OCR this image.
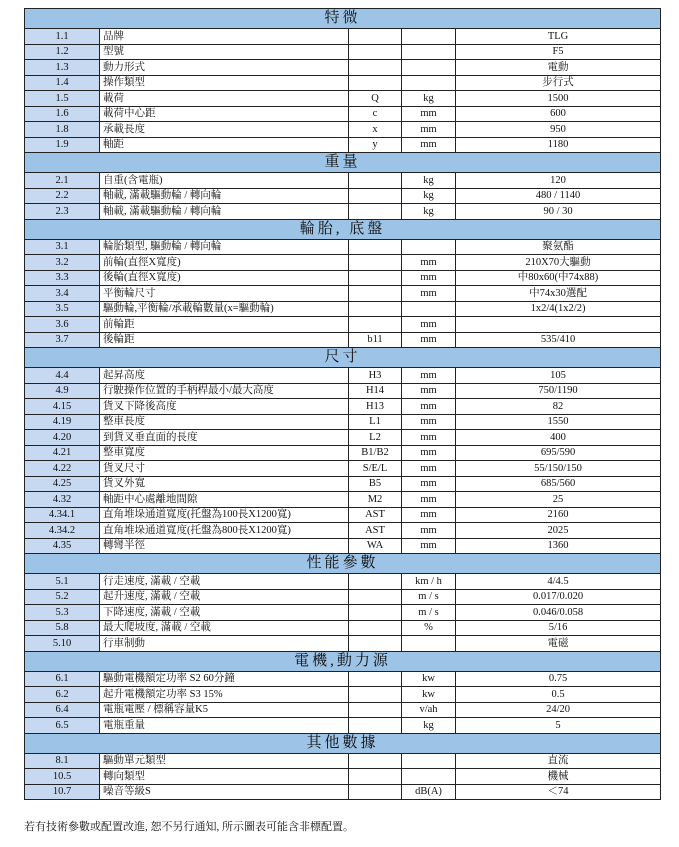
特微				
1.1	品牌			TLG
1.2	型號			F5
1.3	動力形式			電動
1.4	操作類型			步行式
1.5	載荷	Q	kg	1500
1.6	載荷中心距	c	mm	600
1.8	承載長度	x	mm	950
1.9	軸距	y	mm	1180
重量				
2.1	自重(含電瓶)		kg	120
2.2	軸載, 滿載驅動輪 / 轉向輪		kg	480 / 1140
2.3	軸載, 滿載驅動輪 / 轉向輪		kg	90 / 30
輪胎, 底盤				
3.1	輪胎類型, 驅動輪 / 轉向輪			聚氨酯
3.2	前輪(直徑X寬度)		mm	210X70大驅動
3.3	後輪(直徑X寬度)		mm	中80x60(中74x88)
3.4	平衡輪尺寸		mm	中74x30選配
3.5	驅動輪,平衡輪/承載輪數量(x=驅動輪)			1x2/4(1x2/2)
3.6	前輪距		mm	
3.7	後輪距	b11	mm	535/410
尺寸				
4.4	起昇高度	H3	mm	105
4.9	行駛操作位置的手柄桿最小/最大高度	H14	mm	750/1190
4.15	貨叉下降後高度	H13	mm	82
4.19	整車長度	L1	mm	1550
4.20	到貨叉垂直面的長度	L2	mm	400
4.21	整車寬度	B1/B2	mm	695/590
4.22	貨叉尺寸	S/E/L	mm	55/150/150
4.25	貨叉外寬	B5	mm	685/560
4.32	軸距中心處離地間隙	M2	mm	25
4.34.1	直角堆垛通道寬度(托盤為100長X1200寬)	AST	mm	2160
4.34.2	直角堆垛通道寬度(托盤為800長X1200寬)	AST	mm	2025
4.35	轉彎半徑	WA	mm	1360
性能參數				
5.1	行走速度, 滿載 / 空載		km / h	4/4.5
5.2	起升速度, 滿載 / 空載		m / s	0.017/0.020
5.3	下降速度, 滿載 / 空載		m / s	0.046/0.058
5.8	最大爬坡度, 滿載 / 空載		%	5/16
5.10	行車制動			電磁
電機,動力源				
6.1	驅動電機額定功率 S2 60分鐘		kw	0.75
6.2	起升電機額定功率 S3 15%		kw	0.5
6.4	電瓶電壓 / 標稱容量K5		v/ah	24/20
6.5	電瓶重量		kg	5
其他數據				
8.1	驅動單元類型			直流
10.5	轉向類型			機械
10.7	噪音等級S		dB(A)	＜74
若有技術參數或配置改進, 恕不另行通知, 所示圖表可能含非標配置。
